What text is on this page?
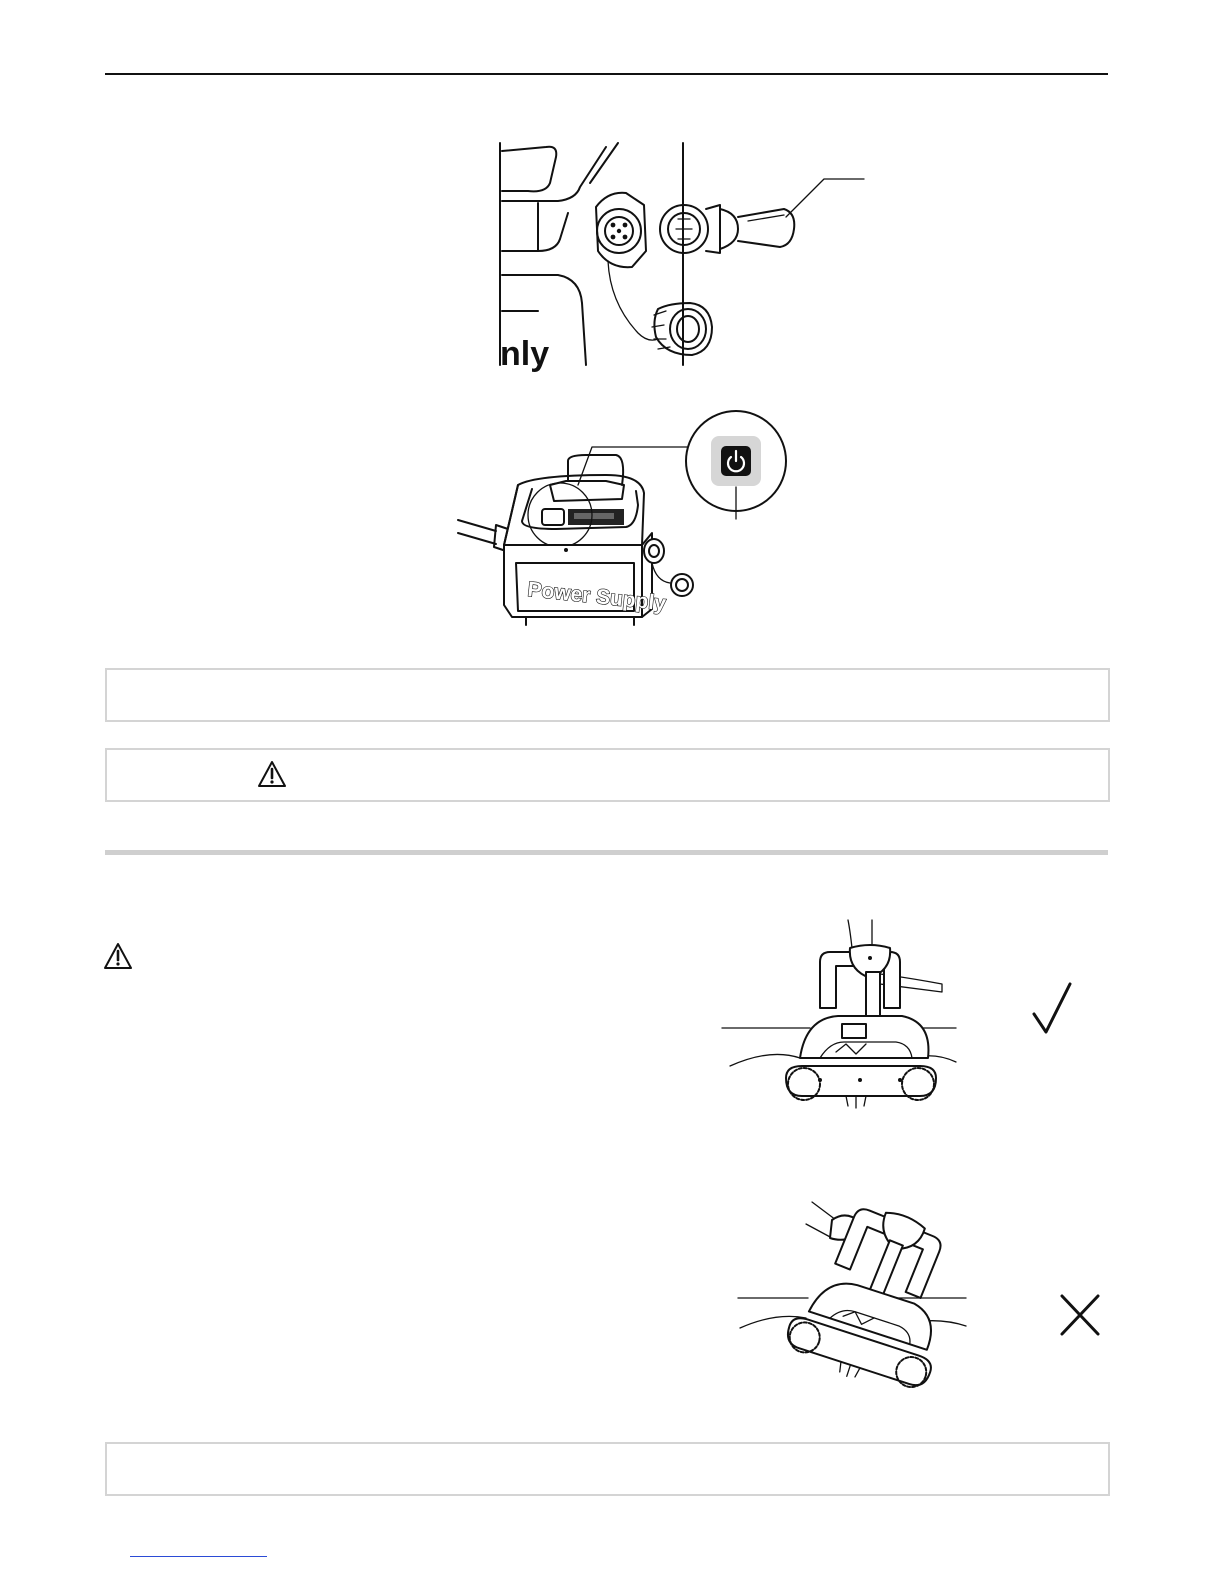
nly
Power Supply
